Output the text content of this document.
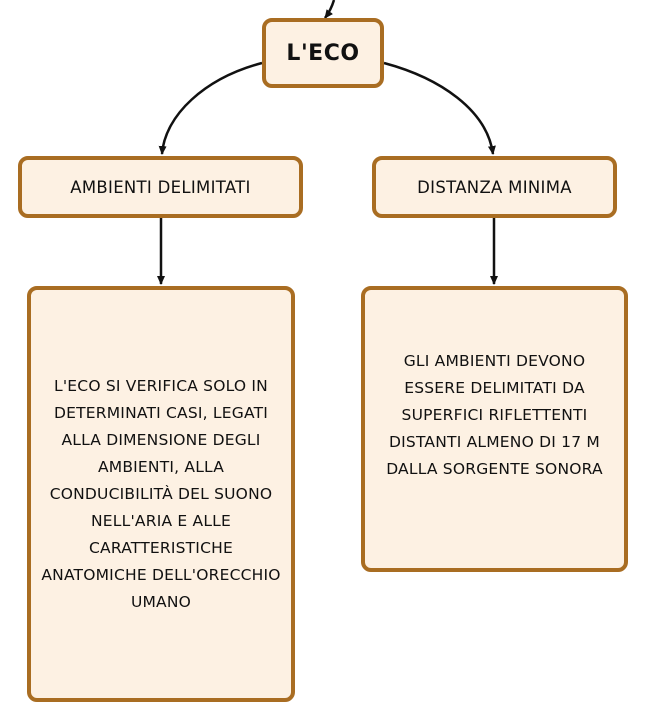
L'ECO
AMBIENTI DELIMITATI	DISTANZA MINIMA
L'ECO SI VERIFICA SOLO IN DETERMINATI CASI, LEGATI ALLA DIMENSIONE DEGLI AMBIENTI, ALLA CONDUCIBILITÀ DEL SUONO NELL'ARIA E ALLE CARATTERISTICHE ANATOMICHE DELL'ORECCHIO UMANO
GLI AMBIENTI DEVONO ESSERE DELIMITATI DA SUPERFICI RIFLETTENTI DISTANTI ALMENO DI 17 M DALLA SORGENTE SONORA
